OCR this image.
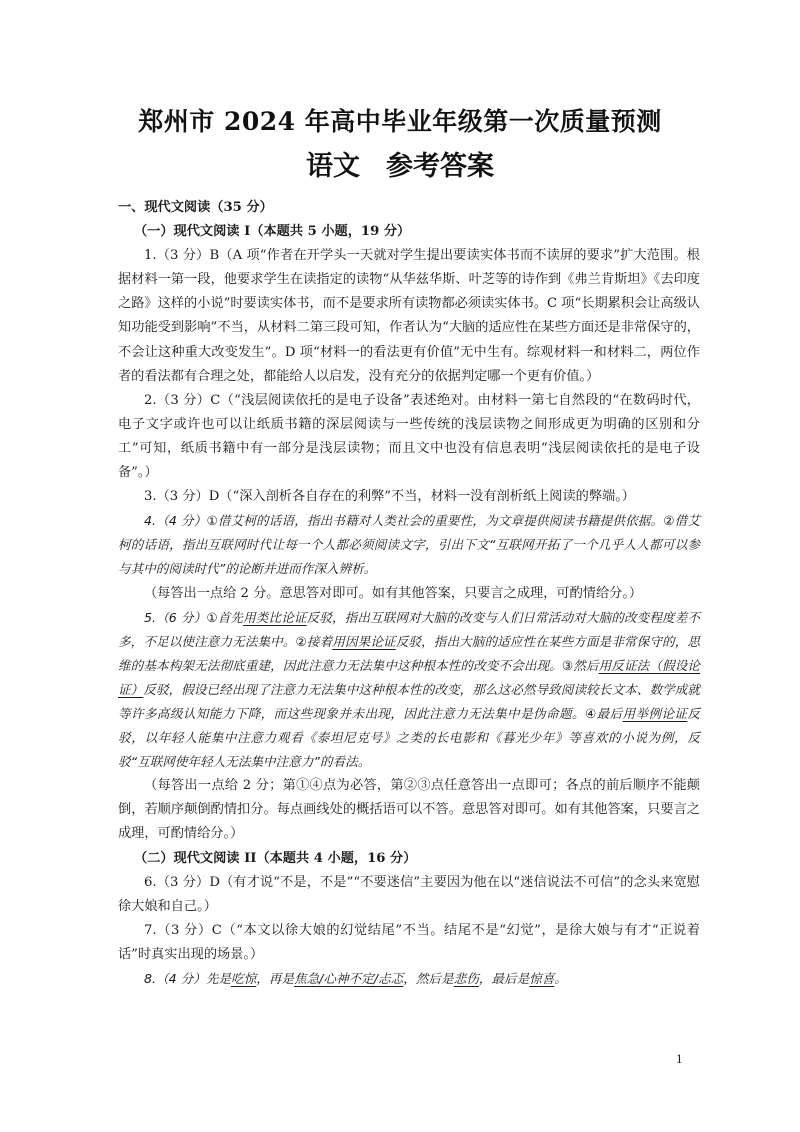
郑州市 2024 年高中毕业年级第一次质量预测
语文 参考答案

一、现代文阅读（35 分）

（一）现代文阅读 I（本题共 5 小题，19 分）

1.（3 分）B（A 项“作者在开学头一天就对学生提出要读实体书而不读屏的要求”扩大范围。根据材料一第一段，他要求学生在读指定的读物“从华兹华斯、叶芝等的诗作到《弗兰肯斯坦》《去印度之路》这样的小说”时要读实体书，而不是要求所有读物都必须读实体书。C 项“长期累积会让高级认知功能受到影响”不当，从材料二第三段可知，作者认为“大脑的适应性在某些方面还是非常保守的，不会让这种重大改变发生”。D 项“材料一的看法更有价值”无中生有。综观材料一和材料二，两位作者的看法都有合理之处，都能给人以启发，没有充分的依据判定哪一个更有价值。）

2.（3 分）C（“浅层阅读依托的是电子设备”表述绝对。由材料一第七自然段的“在数码时代，电子文字或许也可以让纸质书籍的深层阅读与一些传统的浅层读物之间形成更为明确的区别和分工”可知，纸质书籍中有一部分是浅层读物；而且文中也没有信息表明“浅层阅读依托的是电子设备”。）

3.（3 分）D（“深入剖析各自存在的利弊”不当，材料一没有剖析纸上阅读的弊端。）

4.（4 分）①借艾柯的话语，指出书籍对人类社会的重要性，为文章提供阅读书籍提供依据。②借艾柯的话语，指出互联网时代让每一个人都必须阅读文字，引出下文“互联网开拓了一个几乎人人都可以参与其中的阅读时代”的论断并进而作深入辨析。

（每答出一点给 2 分。意思答对即可。如有其他答案，只要言之成理，可酌情给分。）

5.（6 分）①首先用类比论证反驳，指出互联网对大脑的改变与人们日常活动对大脑的改变程度差不多，不足以使注意力无法集中。②接着用因果论证反驳，指出大脑的适应性在某些方面是非常保守的，思维的基本构架无法彻底重建，因此注意力无法集中这种根本性的改变不会出现。③然后用反证法（假设论证）反驳，假设已经出现了注意力无法集中这种根本性的改变，那么这必然导致阅读较长文本、数学成就等许多高级认知能力下降，而这些现象并未出现，因此注意力无法集中是伪命题。④最后用举例论证反驳，以年轻人能集中注意力观看《泰坦尼克号》之类的长电影和《暮光少年》等喜欢的小说为例，反驳“互联网使年轻人无法集中注意力”的看法。

（每答出一点给 2 分；第①④点为必答，第②③点任意答出一点即可；各点的前后顺序不能颠倒，若顺序颠倒酌情扣分。每点画线处的概括语可以不答。意思答对即可。如有其他答案，只要言之成理，可酌情给分。）

（二）现代文阅读 II（本题共 4 小题，16 分）

6.（3 分）D（有才说“不是，不是”“不要迷信”主要因为他在以“迷信说法不可信”的念头来宽慰徐大娘和自己。）

7.（3 分）C（“本文以徐大娘的幻觉结尾”不当。结尾不是“幻觉”，是徐大娘与有才“正说着话”时真实出现的场景。）

8.（4 分）先是吃惊，再是焦急/心神不定/忐忑，然后是悲伤，最后是惊喜。

1
